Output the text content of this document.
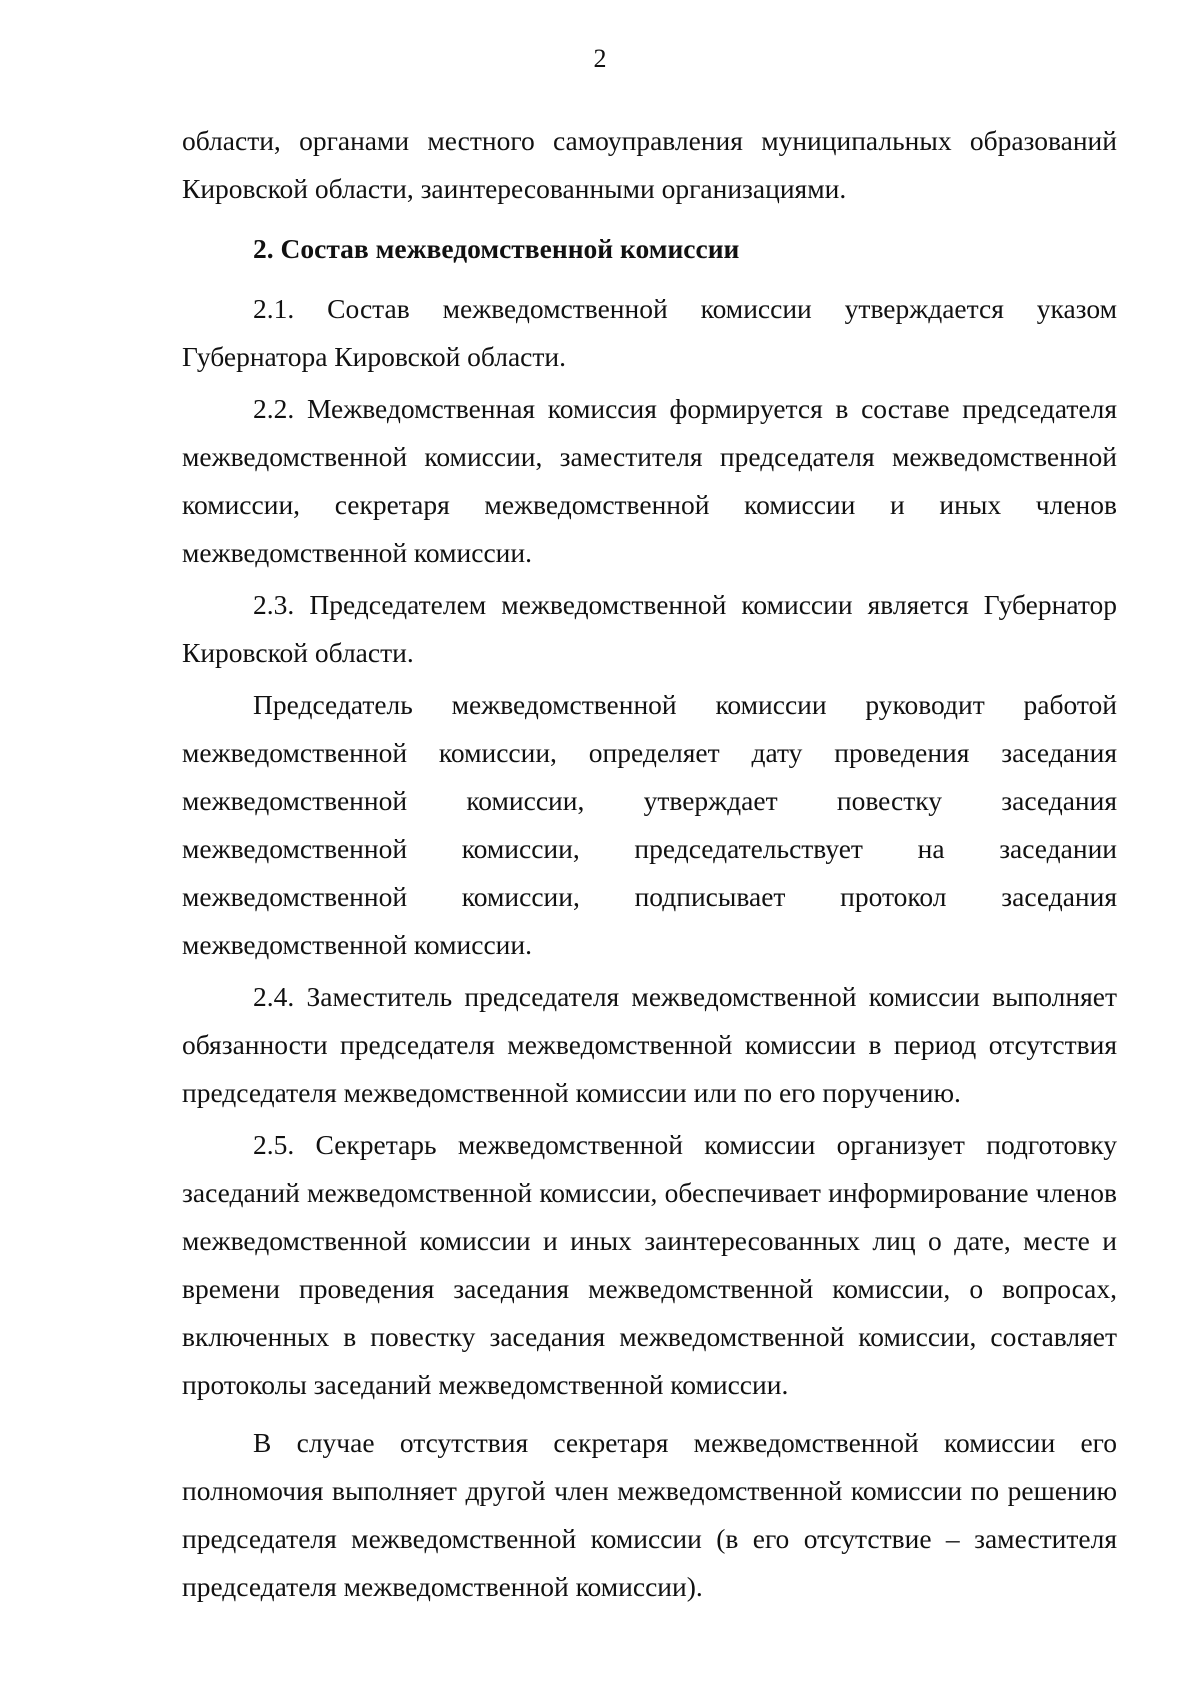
2

области, органами местного самоуправления муниципальных образований Кировской области, заинтересованными организациями.

2. Состав межведомственной комиссии

2.1. Состав межведомственной комиссии утверждается указом Губернатора Кировской области.

2.2. Межведомственная комиссия формируется в составе председателя межведомственной комиссии, заместителя председателя межведомственной комиссии, секретаря межведомственной комиссии и иных членов межведомственной комиссии.

2.3. Председателем межведомственной комиссии является Губернатор Кировской области.

Председатель межведомственной комиссии руководит работой межведомственной комиссии, определяет дату проведения заседания межведомственной комиссии, утверждает повестку заседания межведомственной комиссии, председательствует на заседании межведомственной комиссии, подписывает протокол заседания межведомственной комиссии.

2.4. Заместитель председателя межведомственной комиссии выполняет обязанности председателя межведомственной комиссии в период отсутствия председателя межведомственной комиссии или по его поручению.

2.5. Секретарь межведомственной комиссии организует подготовку заседаний межведомственной комиссии, обеспечивает информирование членов межведомственной комиссии и иных заинтересованных лиц о дате, месте и времени проведения заседания межведомственной комиссии, о вопросах, включенных в повестку заседания межведомственной комиссии, составляет протоколы заседаний межведомственной комиссии.

В случае отсутствия секретаря межведомственной комиссии его полномочия выполняет другой член межведомственной комиссии по решению председателя межведомственной комиссии (в его отсутствие – заместителя председателя межведомственной комиссии).
